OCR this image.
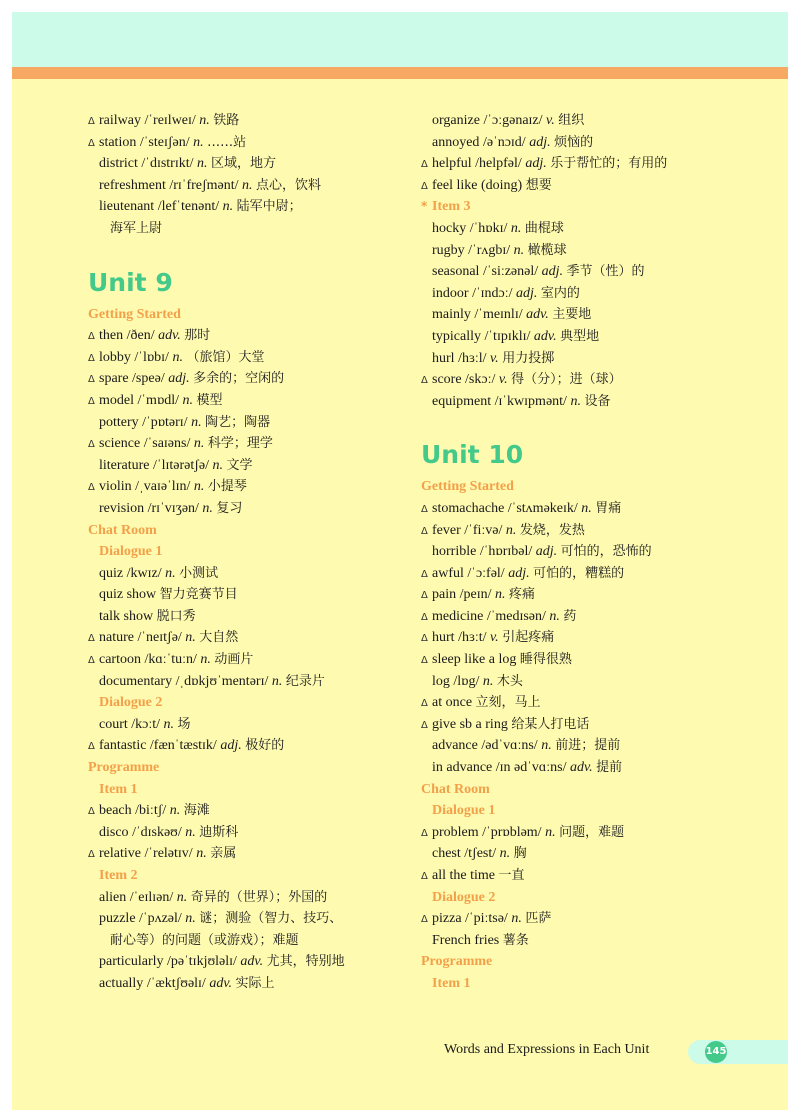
Δ railway /ˈreɪlweɪ/ n. 铁路
Δ station /ˈsteɪʃən/ n. ……站
district /ˈdɪstrɪkt/ n. 区域，地方
refreshment /rɪˈfreʃmənt/ n. 点心，饮料
lieutenant /lefˈtenənt/ n. 陆军中尉；
海军上尉
Unit 9
Getting Started
Δ then /ðen/ adv. 那时
Δ lobby /ˈlɒbɪ/ n. （旅馆）大堂
Δ spare /speə/ adj. 多余的；空闲的
Δ model /ˈmɒdl/ n. 模型
pottery /ˈpɒtərɪ/ n. 陶艺；陶器
Δ science /ˈsaɪəns/ n. 科学；理学
literature /ˈlɪtərətʃə/ n. 文学
Δ violin /ˌvaɪəˈlɪn/ n. 小提琴
revision /rɪˈvɪʒən/ n. 复习
Chat Room
Dialogue 1
quiz /kwɪz/ n. 小测试
quiz show 智力竞赛节目
talk show 脱口秀
Δ nature /ˈneɪtʃə/ n. 大自然
Δ cartoon /kɑːˈtuːn/ n. 动画片
documentary /ˌdɒkjʊˈmentərɪ/ n. 纪录片
Dialogue 2
court /kɔːt/ n. 场
Δ fantastic /fænˈtæstɪk/ adj. 极好的
Programme
Item 1
Δ beach /biːtʃ/ n. 海滩
disco /ˈdɪskəʊ/ n. 迪斯科
Δ relative /ˈrelətɪv/ n. 亲属
Item 2
alien /ˈeɪlɪən/ n. 奇异的（世界）；外国的
puzzle /ˈpʌzəl/ n. 谜；测验（智力、技巧、
耐心等）的问题（或游戏）；难题
particularly /pəˈtɪkjʊləlɪ/ adv. 尤其，特别地
actually /ˈæktʃʊəlɪ/ adv. 实际上
organize /ˈɔːgənaɪz/ v. 组织
annoyed /əˈnɔɪd/ adj. 烦恼的
Δ helpful /helpfəl/ adj. 乐于帮忙的；有用的
Δ feel like (doing) 想要
* Item 3
hocky /ˈhɒkɪ/ n. 曲棍球
rugby /ˈrʌgbɪ/ n. 橄榄球
seasonal /ˈsiːzənəl/ adj. 季节（性）的
indoor /ˈɪndɔː/ adj. 室内的
mainly /ˈmeɪnlɪ/ adv. 主要地
typically /ˈtɪpɪklɪ/ adv. 典型地
hurl /hɜːl/ v. 用力投掷
Δ score /skɔː/ v. 得（分）；进（球）
equipment /ɪˈkwɪpmənt/ n. 设备
Unit 10
Getting Started
Δ stomachache /ˈstʌməkeɪk/ n. 胃痛
Δ fever /ˈfiːvə/ n. 发烧，发热
horrible /ˈhɒrɪbəl/ adj. 可怕的，恐怖的
Δ awful /ˈɔːfəl/ adj. 可怕的，糟糕的
Δ pain /peɪn/ n. 疼痛
Δ medicine /ˈmedɪsən/ n. 药
Δ hurt /hɜːt/ v. 引起疼痛
Δ sleep like a log 睡得很熟
log /lɒg/ n. 木头
Δ at once 立刻，马上
Δ give sb a ring 给某人打电话
advance /ədˈvɑːns/ n. 前进；提前
in advance /ɪn ədˈvɑːns/ adv. 提前
Chat Room
Dialogue 1
Δ problem /ˈprɒbləm/ n. 问题，难题
chest /tʃest/ n. 胸
Δ all the time 一直
Dialogue 2
Δ pizza /ˈpiːtsə/ n. 匹萨
French fries 薯条
Programme
Item 1
Words and Expressions in Each Unit	145
